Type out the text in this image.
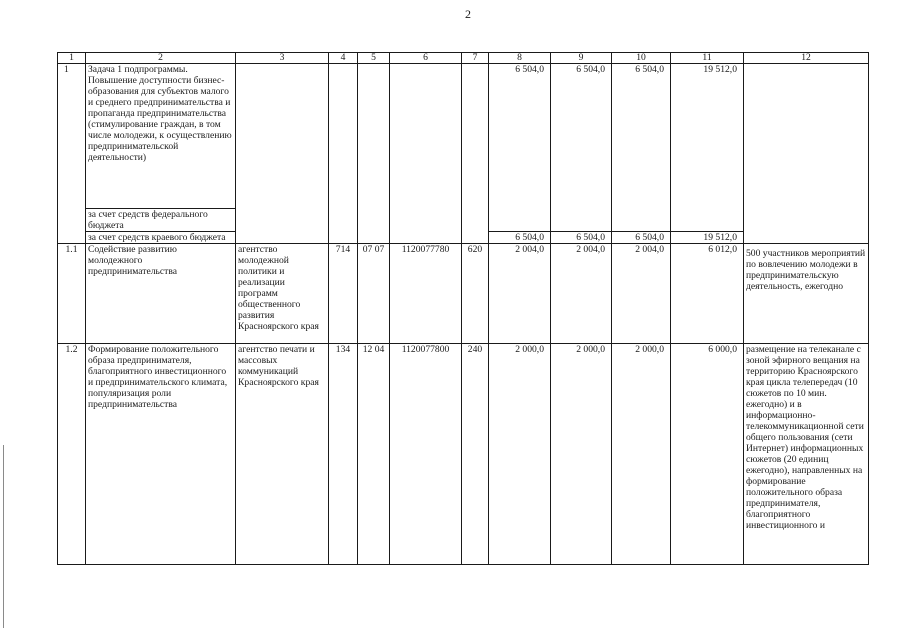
2
1	2	3	4	5	6	7	8	9	10	11	12
1	Задача 1 подпрограммы. Повышение доступности бизнес-образования для субъектов малого и среднего предпринимательства и пропаганда предпринимательства (стимулирование граждан, в том числе молодежи, к осуществлению предпринимательской деятельности)						6 504,0	6 504,0	6 504,0	19 512,0	
	за счет средств федерального бюджета										
	за счет средств краевого бюджета						6 504,0	6 504,0	6 504,0	19 512,0	
1.1	Содействие развитию молодежного предпринимательства	агентство молодежной политики и реализации программ общественного развития Красноярского края	714	07 07	1120077780	620	2 004,0	2 004,0	2 004,0	6 012,0	500 участников мероприятий по вовлечению молодежи в предпринимательскую деятельность, ежегодно
1.2	Формирование положительного образа предпринимателя, благоприятного инвестиционного и предпринимательского климата, популяризация роли предпринимательства	агентство печати и массовых коммуникаций Красноярского края	134	12 04	1120077800	240	2 000,0	2 000,0	2 000,0	6 000,0	размещение на телеканале с зоной эфирного вещания на территорию Красноярского края цикла телепередач (10 сюжетов по 10 мин. ежегодно) и в информационно-телекоммуникационной сети общего пользования (сети Интернет) информационных сюжетов (20 единиц ежегодно), направленных на формирование положительного образа предпринимателя, благоприятного инвестиционного и
